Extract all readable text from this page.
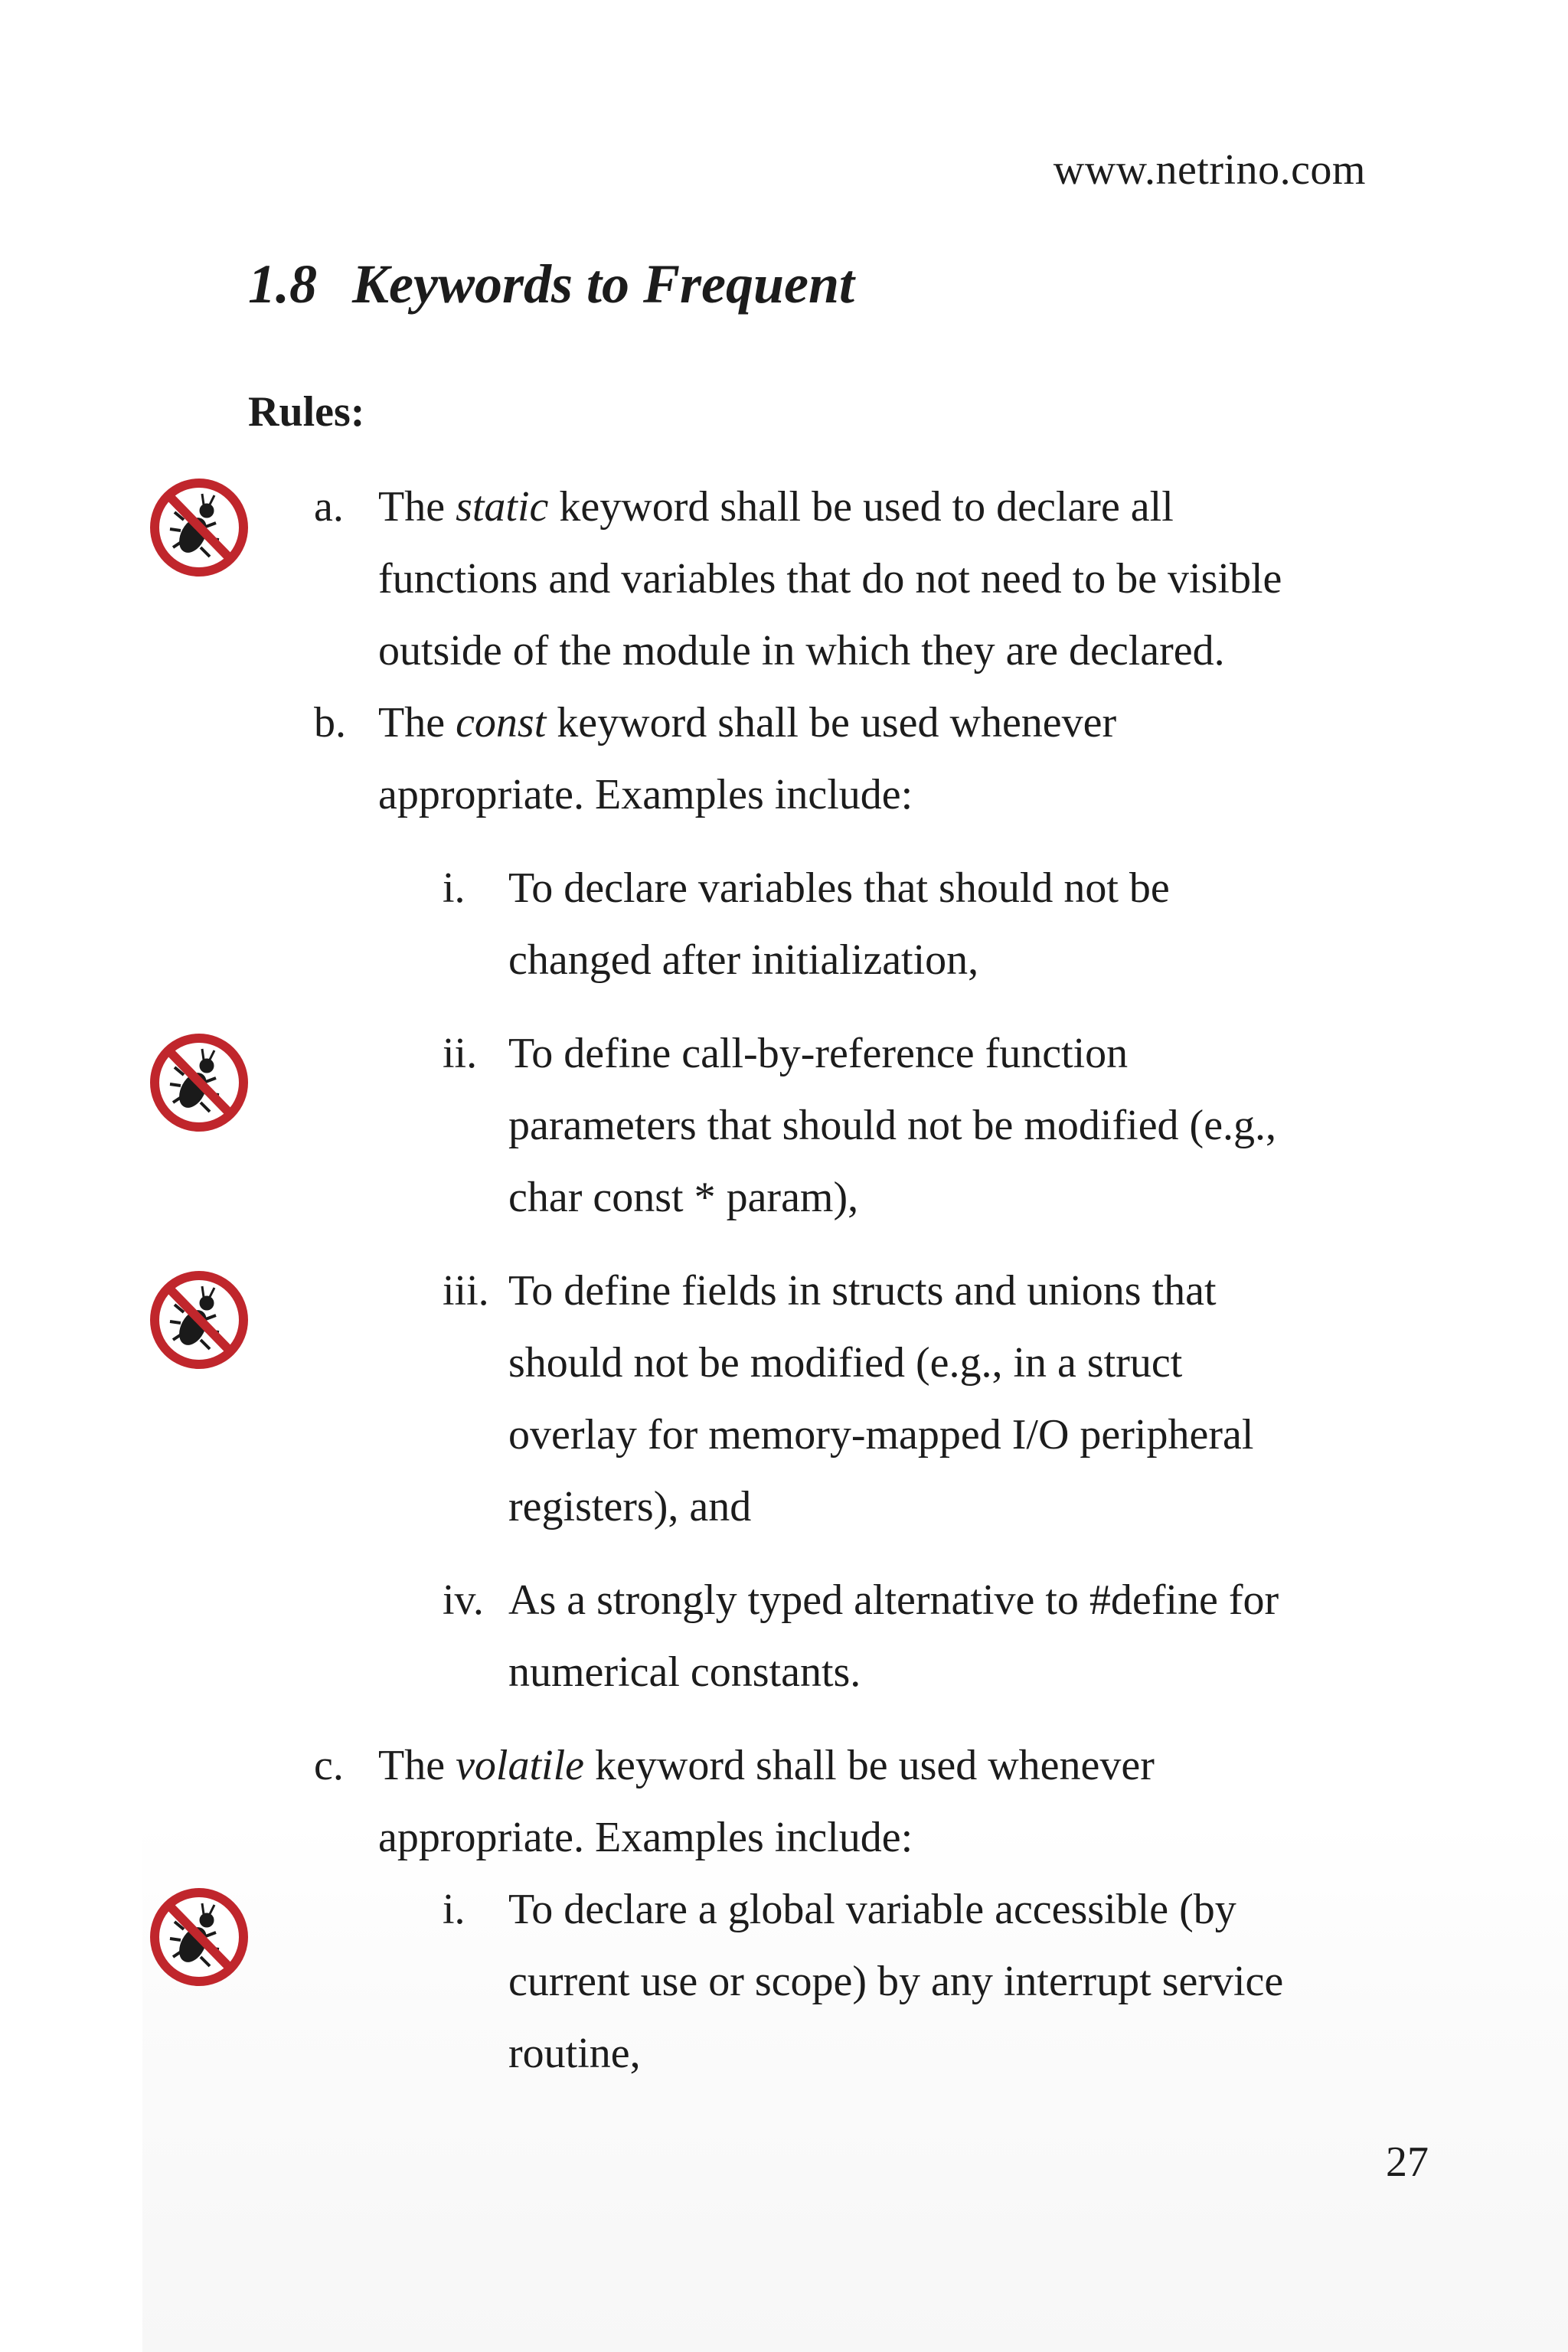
www.netrino.com
1.8 Keywords to Frequent
Rules:
a. The static keyword shall be used to declare all
functions and variables that do not need to be visible
outside of the module in which they are declared.
b. The const keyword shall be used whenever
appropriate. Examples include:
i. To declare variables that should not be
changed after initialization,
ii. To define call-by-reference function
parameters that should not be modified (e.g.,
char const * param),
iii. To define fields in structs and unions that
should not be modified (e.g., in a struct
overlay for memory-mapped I/O peripheral
registers), and
iv. As a strongly typed alternative to #define for
numerical constants.
c. The volatile keyword shall be used whenever
appropriate. Examples include:
i. To declare a global variable accessible (by
current use or scope) by any interrupt service
routine,
27
